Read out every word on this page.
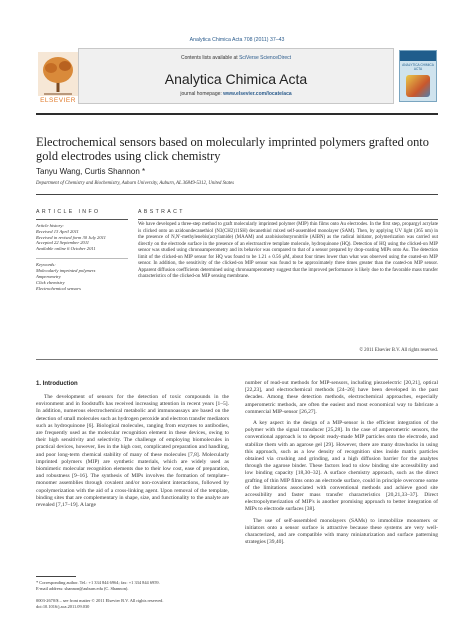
Analytica Chimica Acta 708 (2011) 37–43
ELSEVIER
Contents lists available at SciVerse ScienceDirect
Analytica Chimica Acta
journal homepage: www.elsevier.com/locate/aca
ANALYTICA CHIMICA ACTA
Electrochemical sensors based on molecularly imprinted polymers grafted onto gold electrodes using click chemistry
Tanyu Wang, Curtis Shannon *
Department of Chemistry and Biochemistry, Auburn University, Auburn, AL 36849-5312, United States
ARTICLE INFO	ABSTRACT
Article history:
Received 13 April 2011
Received in revised form 30 July 2011
Accepted 22 September 2011
Available online 6 October 2011
Keywords:
Molecularly imprinted polymers
Amperometry
Click chemistry
Electrochemical sensors
We have developed a three-step method to graft molecularly imprinted polymer (MIP) thin films onto Au electrodes. In the first step, propargyl acrylate is clicked onto an azidoundecanethiol (N3(CH2)11SH) decanethiol mixed self-assembled monolayer (SAM). Then, by applying UV light (365 nm) in the presence of N,N′-methylenebis(acrylamide) (MAAM) and azobisisobutyronitrile (AIBN) as the radical initiator, polymerization was carried out directly on the electrode surface in the presence of an electroactive template molecule, hydroquinone (HQ). Detection of HQ using the clicked-on MIP sensor was studied using chronoamperometry and its behavior was compared to that of a sensor prepared by drop-coating MIPs onto Au. The detection limit of the clicked-on MIP sensor for HQ was found to be 1.21 ± 0.56 μM, about four times lower than what was observed using the coated-on MIP sensor. In addition, the sensitivity of the clicked-on MIP sensor was found to be approximately three times greater than the coated-on MIP sensor. Apparent diffusion coefficients determined using chronoamperometry suggest that the improved performance is likely due to the favorable mass transfer characteristics of the clicked-on MIP sensing membrane.
© 2011 Elsevier B.V. All rights reserved.
1. Introduction

The development of sensors for the detection of toxic compounds in the environment and in foodstuffs has received increasing attention in recent years [1–5]. In addition, numerous electrochemical metabolic and immunoassays are based on the detection of small molecules such as hydrogen peroxide and electron transfer mediators such as hydroquinone [6]. Biological molecules, ranging from enzymes to antibodies, are frequently used as the molecular recognition element in these devices, owing to their high sensitivity and selectivity. The challenge of employing biomolecules in practical devices, however, lies in the high cost, complicated preparation and handling, and poor long-term chemical stability of many of these molecules [7,8]. Molecularly imprinted polymers (MIP) are synthetic materials, which are widely used as biomimetic molecular recognition elements due to their low cost, ease of preparation, and robustness [9–16]. The synthesis of MIPs involves the formation of template–monomer assemblies through covalent and/or non-covalent interactions, followed by copolymerization with the aid of a cross-linking agent. Upon removal of the template, binding sites that are complementary in shape, size, and functionality to the analyte are revealed [7,17–19]. A large

number of read-out methods for MIP-sensors, including piezoelectric [20,21], optical [22,23], and electrochemical methods [24–26] have been developed in the past decades. Among these detection methods, electrochemical approaches, especially amperometric methods, are often the easiest and most economical way to fabricate a commercial MIP-sensor [26,27].

A key aspect in the design of a MIP-sensor is the efficient integration of the polymer with the signal transducer [25,28]. In the case of amperometric sensors, the conventional approach is to deposit ready-made MIP particles onto the electrode, and stabilize them with an agarose gel [29]. However, there are many drawbacks in using this approach, such as a low density of recognition sites inside matrix particles obtained via crushing and grinding, and a high diffusion barrier for the analytes through the agarose binder. These factors lead to slow binding site accessibility and low binding capacity [18,30–32]. A surface chemistry approach, such as the direct grafting of thin MIP films onto an electrode surface, could in principle overcome some of the limitations associated with conventional methods and achieve good site accessibility and faster mass transfer characteristics [20,21,33–37]. Direct electropolymerization of MIP's is another promising approach to better integration of MIPs to electrode surfaces [38].

The use of self-assembled monolayers (SAMs) to immobilize monomers or initiators onto a sensor surface is attractive because these systems are very well-characterized, and are compatible with many miniaturization and surface patterning strategies [39,40].

* Corresponding author. Tel.: +1 334 844 6964; fax: +1 334 844 6959.
E-mail address: shannon@auburn.edu (C. Shannon).
0003-2670/$ – see front matter © 2011 Elsevier B.V. All rights reserved.
doi:10.1016/j.aca.2011.09.030
